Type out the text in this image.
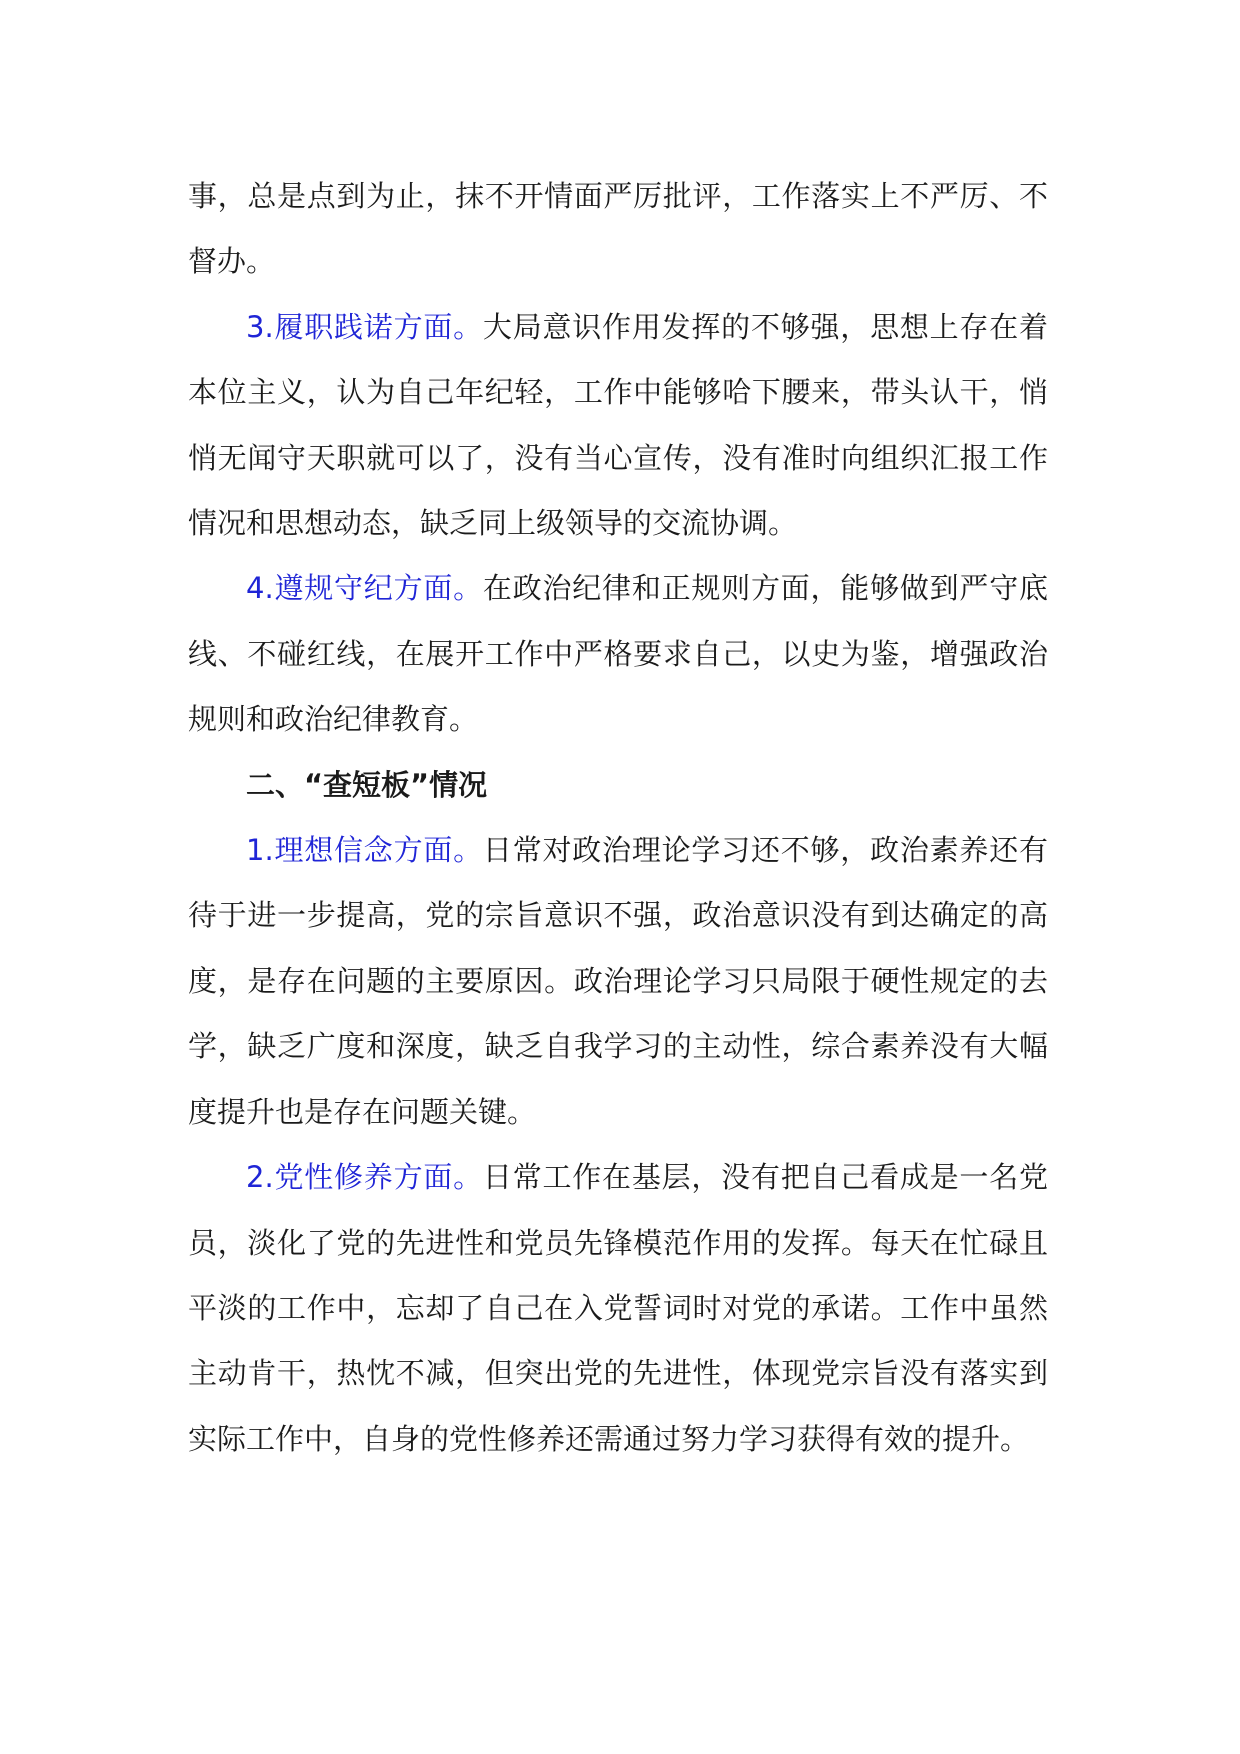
事，总是点到为止，抹不开情面严厉批评，工作落实上不严厉、不督办。

3.履职践诺方面。大局意识作用发挥的不够强，思想上存在着本位主义，认为自己年纪轻，工作中能够哈下腰来，带头认干，悄悄无闻守天职就可以了，没有当心宣传，没有准时向组织汇报工作情况和思想动态，缺乏同上级领导的交流协调。

4.遵规守纪方面。在政治纪律和正规则方面，能够做到严守底线、不碰红线，在展开工作中严格要求自己，以史为鉴，增强政治规则和政治纪律教育。

二、“查短板”情况

1.理想信念方面。日常对政治理论学习还不够，政治素养还有待于进一步提高，党的宗旨意识不强，政治意识没有到达确定的高度，是存在问题的主要原因。政治理论学习只局限于硬性规定的去学，缺乏广度和深度，缺乏自我学习的主动性，综合素养没有大幅度提升也是存在问题关键。

2.党性修养方面。日常工作在基层，没有把自己看成是一名党员，淡化了党的先进性和党员先锋模范作用的发挥。每天在忙碌且平淡的工作中，忘却了自己在入党誓词时对党的承诺。工作中虽然主动肯干，热忱不减，但突出党的先进性，体现党宗旨没有落实到实际工作中，自身的党性修养还需通过努力学习获得有效的提升。
